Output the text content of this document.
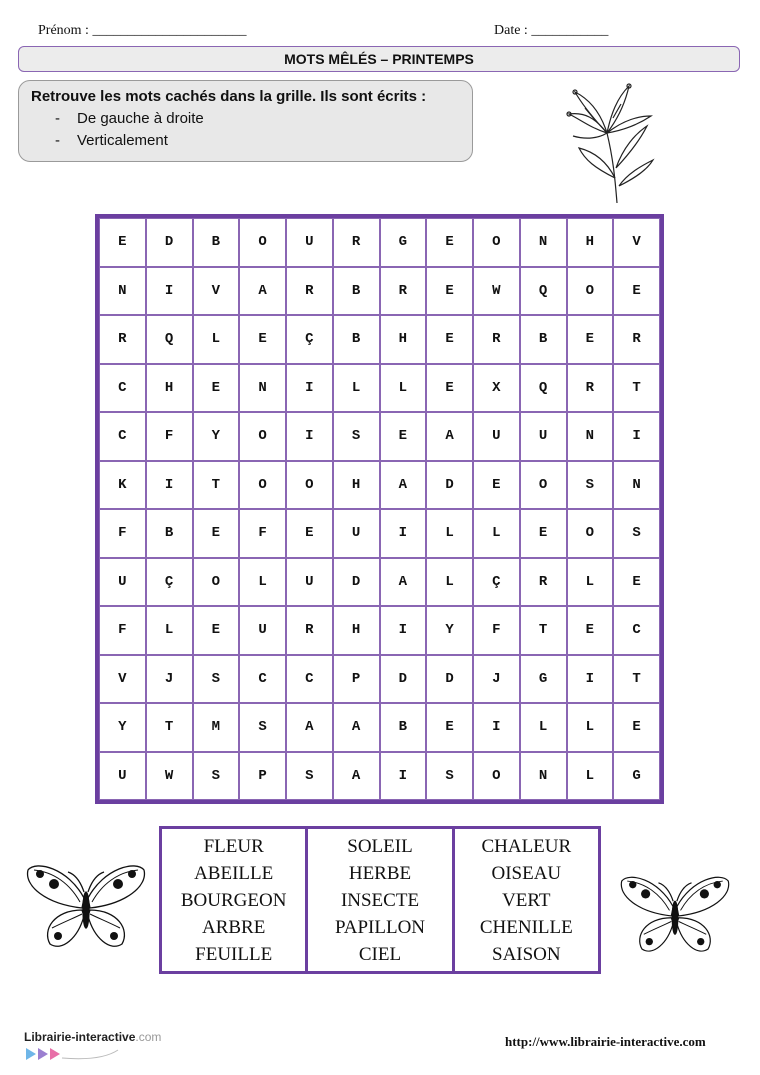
Prénom : ______________________	Date : ___________
MOTS MÊLÉS – PRINTEMPS
Retrouve les mots cachés dans la grille. Ils sont écrits :
- De gauche à droite
- Verticalement
E	D	B	O	U	R	G	E	O	N	H	V
N	I	V	A	R	B	R	E	W	Q	O	E
R	Q	L	E	Ç	B	H	E	R	B	E	R
C	H	E	N	I	L	L	E	X	Q	R	T
C	F	Y	O	I	S	E	A	U	U	N	I
K	I	T	O	O	H	A	D	E	O	S	N
F	B	E	F	E	U	I	L	L	E	O	S
U	Ç	O	L	U	D	A	L	Ç	R	L	E
F	L	E	U	R	H	I	Y	F	T	E	C
V	J	S	C	C	P	D	D	J	G	I	T
Y	T	M	S	A	A	B	E	I	L	L	E
U	W	S	P	S	A	I	S	O	N	L	G
FLEUR
ABEILLE
BOURGEON
ARBRE
FEUILLE
SOLEIL
HERBE
INSECTE
PAPILLON
CIEL
CHALEUR
OISEAU
VERT
CHENILLE
SAISON
Librairie-interactive.com	http://www.librairie-interactive.com
